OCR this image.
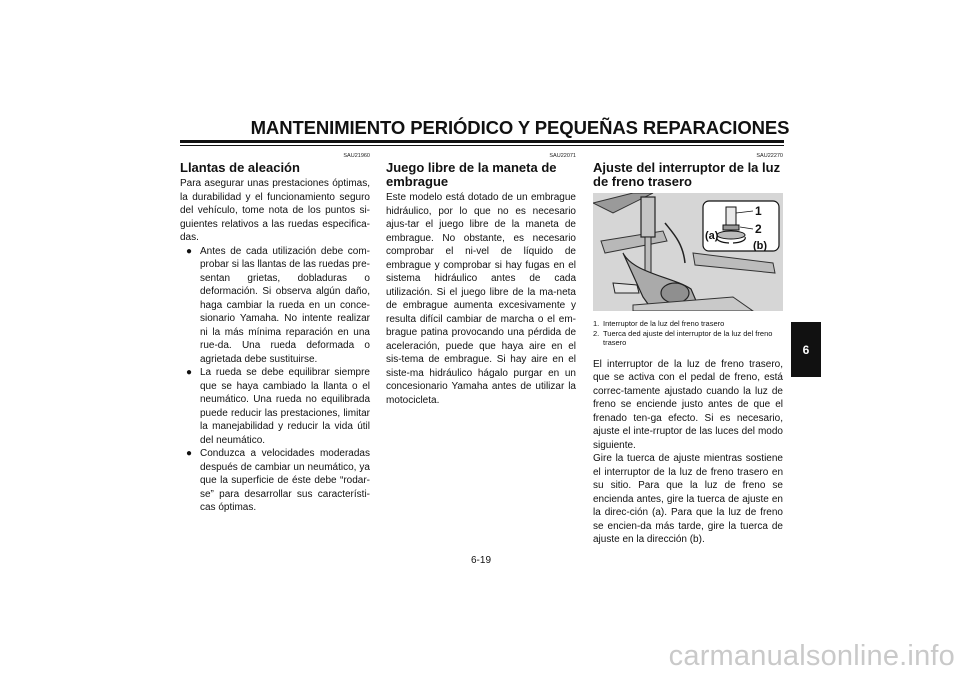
MANTENIMIENTO PERIÓDICO Y PEQUEÑAS REPARACIONES
SAU21960
Llantas de aleación

Para asegurar unas prestaciones óptimas, la durabilidad y el funcionamiento seguro del vehículo, tome nota de los puntos si-guientes relativos a las ruedas especifica-das.

● Antes de cada utilización debe com-probar si las llantas de las ruedas pre-sentan grietas, dobladuras o deformación. Si observa algún daño, haga cambiar la rueda en un conce-sionario Yamaha. No intente realizar ni la más mínima reparación en una rue-da. Una rueda deformada o agrietada debe sustituirse.
● La rueda se debe equilibrar siempre que se haya cambiado la llanta o el neumático. Una rueda no equilibrada puede reducir las prestaciones, limitar la manejabilidad y reducir la vida útil del neumático.
● Conduzca a velocidades moderadas después de cambiar un neumático, ya que la superficie de éste debe “rodar-se” para desarrollar sus característi-cas óptimas.
SAU22071
Juego libre de la maneta de embrague

Este modelo está dotado de un embrague hidráulico, por lo que no es necesario ajus-tar el juego libre de la maneta de embrague. No obstante, es necesario comprobar el ni-vel de líquido de embrague y comprobar si hay fugas en el sistema hidráulico antes de cada utilización. Si el juego libre de la ma-neta de embrague aumenta excesivamente y resulta difícil cambiar de marcha o el em-brague patina provocando una pérdida de aceleración, puede que haya aire en el sis-tema de embrague. Si hay aire en el siste-ma hidráulico hágalo purgar en un concesionario Yamaha antes de utilizar la motocicleta.

SAU22270
Ajuste del interruptor de la luz de freno trasero
1
2
(a)
(b)
1. Interruptor de la luz del freno trasero
2. Tuerca ded ajuste del interruptor de la luz del freno trasero

El interruptor de la luz de freno trasero, que se activa con el pedal de freno, está correc-tamente ajustado cuando la luz de freno se enciende justo antes de que el frenado ten-ga efecto. Si es necesario, ajuste el inte-rruptor de las luces del modo siguiente.

Gire la tuerca de ajuste mientras sostiene el interruptor de la luz de freno trasero en su sitio. Para que la luz de freno se encienda antes, gire la tuerca de ajuste en la direc-ción (a). Para que la luz de freno se encien-da más tarde, gire la tuerca de ajuste en la dirección (b).

6-19
6
carmanualsonline.info
